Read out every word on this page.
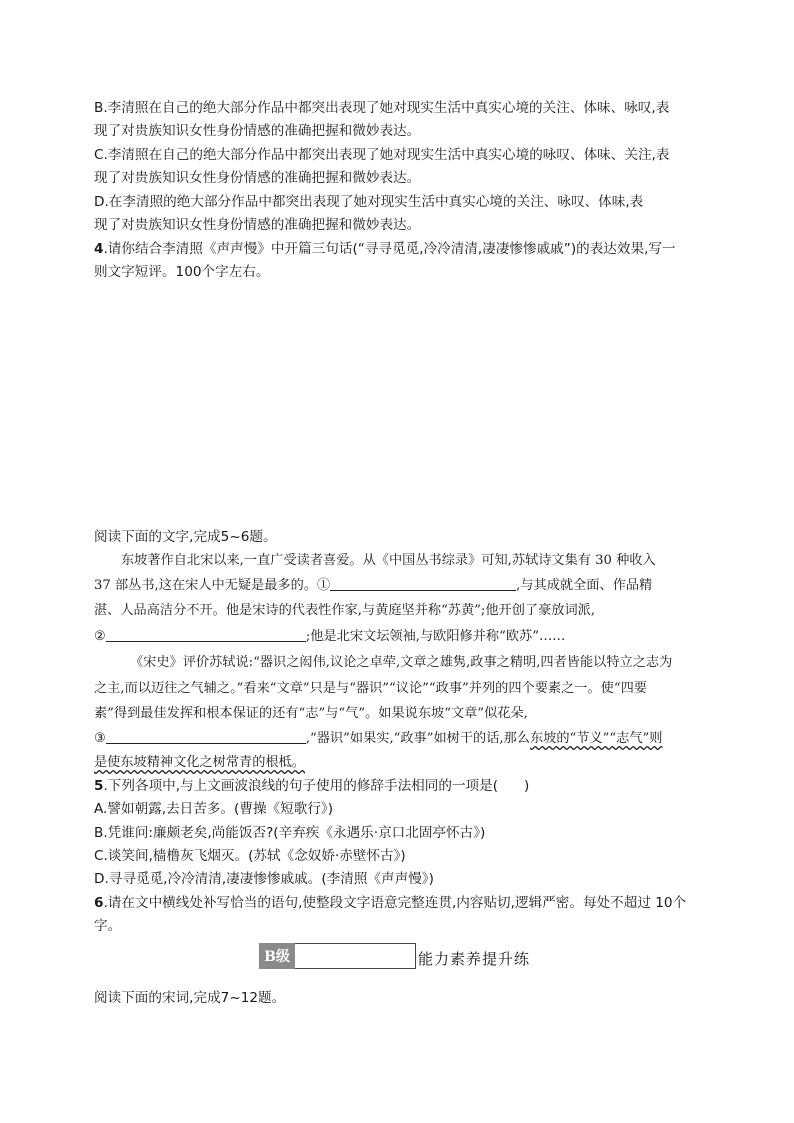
B.李清照在自己的绝大部分作品中都突出表现了她对现实生活中真实心境的关注、体味、咏叹,表
现了对贵族知识女性身份情感的准确把握和微妙表达。
C.李清照在自己的绝大部分作品中都突出表现了她对现实生活中真实心境的咏叹、体味、关注,表
现了对贵族知识女性身份情感的准确把握和微妙表达。
D.在李清照的绝大部分作品中都突出表现了她对现实生活中真实心境的关注、咏叹、体味,表
现了对贵族知识女性身份情感的准确把握和微妙表达。
4.请你结合李清照《声声慢》中开篇三句话(“寻寻觅觅,冷冷清清,凄凄惨惨戚戚”)的表达效果,写一
则文字短评。100个字左右。
阅读下面的文字,完成5~6题。
东坡著作自北宋以来,一直广受读者喜爱。从《中国丛书综录》可知,苏轼诗文集有 30 种收入
37 部丛书,这在宋人中无疑是最多的。①	,与其成就全面、作品精
湛、人品高洁分不开。他是宋诗的代表性作家,与黄庭坚并称“苏黄”;他开创了豪放词派,
②	;他是北宋文坛领袖,与欧阳修并称“欧苏”……
《宋史》评价苏轼说:“器识之闳伟,议论之卓荦,文章之雄隽,政事之精明,四者皆能以特立之志为
之主,而以迈往之气辅之。”看来“文章”只是与“器识”“议论”“政事”并列的四个要素之一。使“四要
素”得到最佳发挥和根本保证的还有“志”与“气”。如果说东坡“文章”似花朵,
③	,“器识”如果实,“政事”如树干的话,那么东坡的“节义”“志气”则
是使东坡精神文化之树常青的根柢。
5.下列各项中,与上文画波浪线的句子使用的修辞手法相同的一项是( )
A.譬如朝露,去日苦多。(曹操《短歌行》)
B.凭谁问:廉颇老矣,尚能饭否?(辛弃疾《永遇乐·京口北固亭怀古》)
C.谈笑间,樯橹灰飞烟灭。(苏轼《念奴娇·赤壁怀古》)
D.寻寻觅觅,冷冷清清,凄凄惨惨戚戚。(李清照《声声慢》)
6.请在文中横线处补写恰当的语句,使整段文字语意完整连贯,内容贴切,逻辑严密。每处不超过 10个
字。
B级	能力素养提升练
阅读下面的宋词,完成7~12题。
